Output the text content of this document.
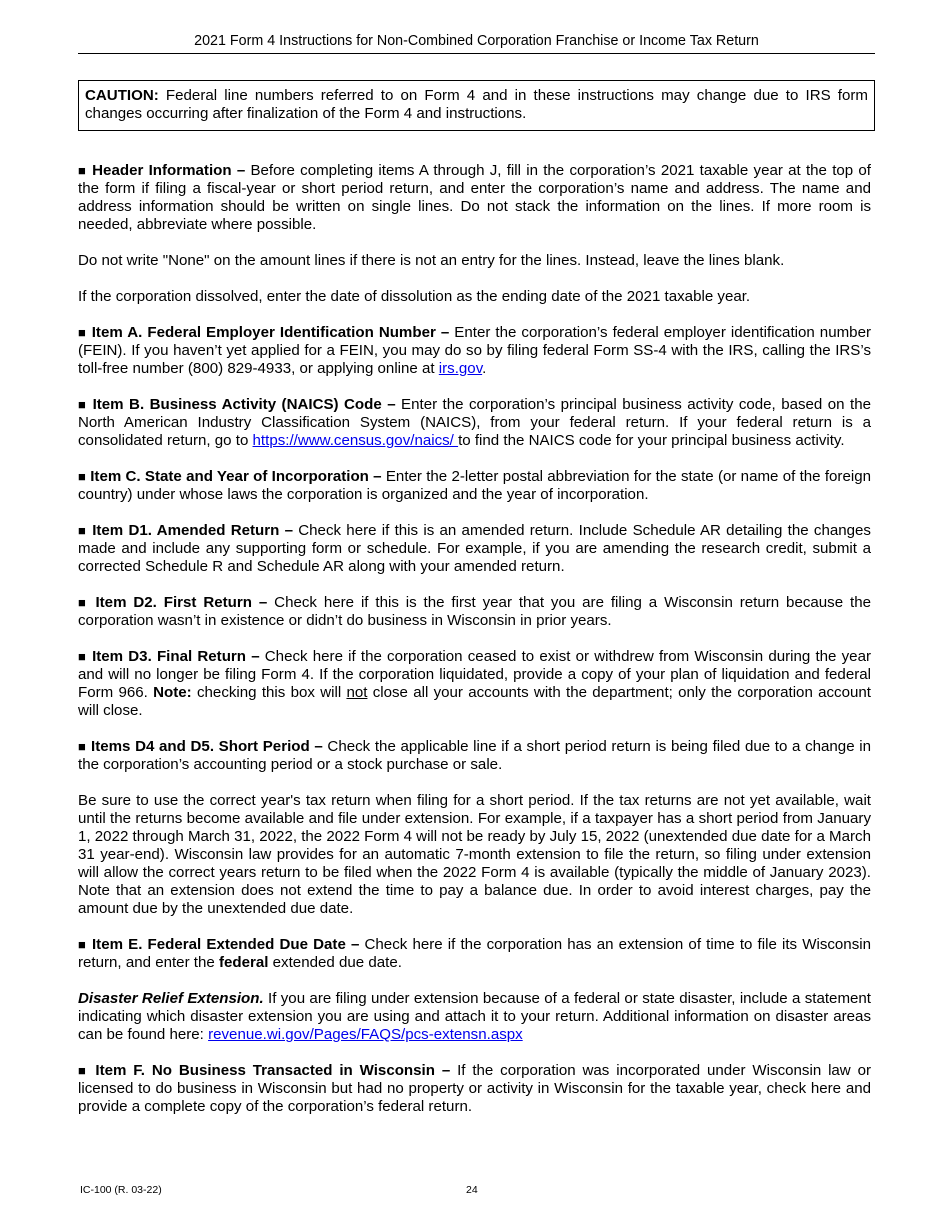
2021 Form 4 Instructions for Non-Combined Corporation Franchise or Income Tax Return
CAUTION: Federal line numbers referred to on Form 4 and in these instructions may change due to IRS form changes occurring after finalization of the Form 4 and instructions.

■ Header Information – Before completing items A through J, fill in the corporation’s 2021 taxable year at the top of the form if filing a fiscal-year or short period return, and enter the corporation’s name and address. The name and address information should be written on single lines. Do not stack the information on the lines. If more room is needed, abbreviate where possible.

Do not write "None" on the amount lines if there is not an entry for the lines. Instead, leave the lines blank.

If the corporation dissolved, enter the date of dissolution as the ending date of the 2021 taxable year.

■ Item A. Federal Employer Identification Number – Enter the corporation’s federal employer identification number (FEIN). If you haven’t yet applied for a FEIN, you may do so by filing federal Form SS-4 with the IRS, calling the IRS’s toll-free number (800) 829-4933, or applying online at irs.gov.

■ Item B. Business Activity (NAICS) Code – Enter the corporation’s principal business activity code, based on the North American Industry Classification System (NAICS), from your federal return. If your federal return is a consolidated return, go to https://www.census.gov/naics/ to find the NAICS code for your principal business activity.

■ Item C. State and Year of Incorporation – Enter the 2-letter postal abbreviation for the state (or name of the foreign country) under whose laws the corporation is organized and the year of incorporation.

■ Item D1. Amended Return – Check here if this is an amended return. Include Schedule AR detailing the changes made and include any supporting form or schedule. For example, if you are amending the research credit, submit a corrected Schedule R and Schedule AR along with your amended return.

■ Item D2. First Return – Check here if this is the first year that you are filing a Wisconsin return because the corporation wasn’t in existence or didn’t do business in Wisconsin in prior years.

■ Item D3. Final Return – Check here if the corporation ceased to exist or withdrew from Wisconsin during the year and will no longer be filing Form 4. If the corporation liquidated, provide a copy of your plan of liquidation and federal Form 966. Note: checking this box will not close all your accounts with the department; only the corporation account will close.

■ Items D4 and D5. Short Period – Check the applicable line if a short period return is being filed due to a change in the corporation’s accounting period or a stock purchase or sale.

Be sure to use the correct year's tax return when filing for a short period. If the tax returns are not yet available, wait until the returns become available and file under extension. For example, if a taxpayer has a short period from January 1, 2022 through March 31, 2022, the 2022 Form 4 will not be ready by July 15, 2022 (unextended due date for a March 31 year-end). Wisconsin law provides for an automatic 7-month extension to file the return, so filing under extension will allow the correct years return to be filed when the 2022 Form 4 is available (typically the middle of January 2023). Note that an extension does not extend the time to pay a balance due. In order to avoid interest charges, pay the amount due by the unextended due date.

■ Item E. Federal Extended Due Date – Check here if the corporation has an extension of time to file its Wisconsin return, and enter the federal extended due date.

Disaster Relief Extension. If you are filing under extension because of a federal or state disaster, include a statement indicating which disaster extension you are using and attach it to your return. Additional information on disaster areas can be found here: revenue.wi.gov/Pages/FAQS/pcs-extensn.aspx

■ Item F. No Business Transacted in Wisconsin – If the corporation was incorporated under Wisconsin law or licensed to do business in Wisconsin but had no property or activity in Wisconsin for the taxable year, check here and provide a complete copy of the corporation’s federal return.

IC-100 (R. 03-22)	24
